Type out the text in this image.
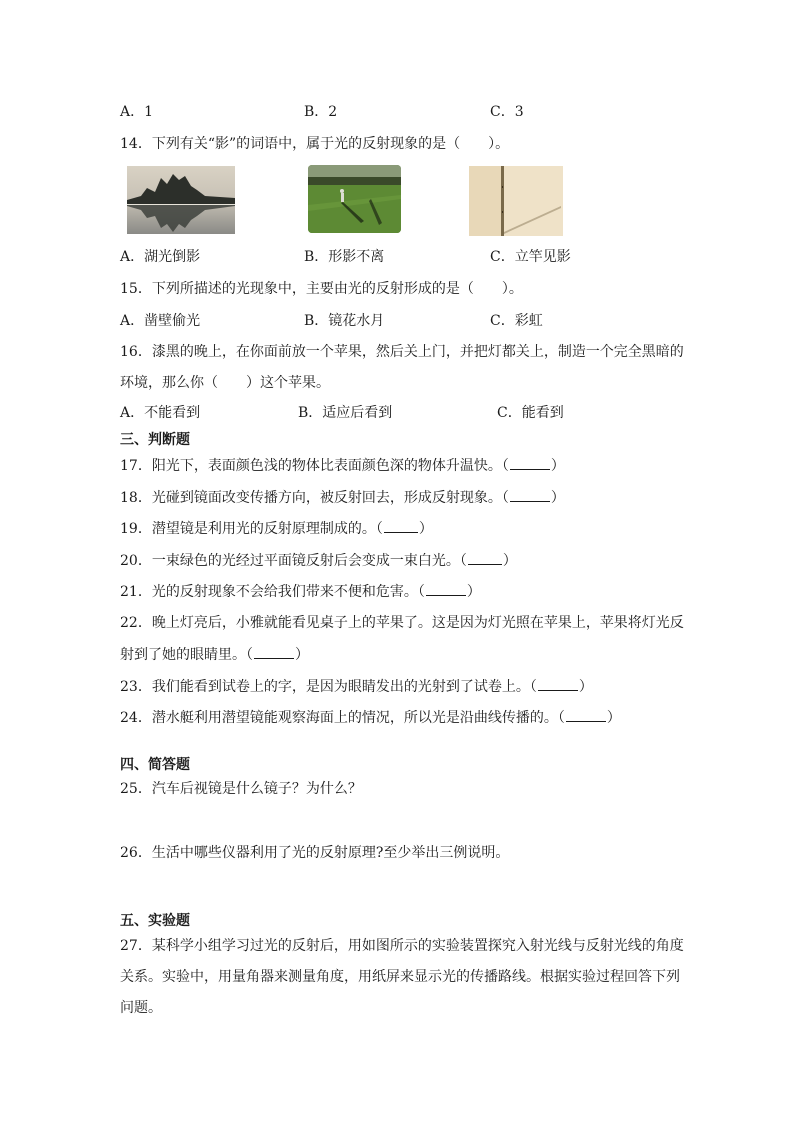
A．1	B．2	C．3
14．下列有关“影”的词语中，属于光的反射现象的是（　　）。
A．湖光倒影	B．形影不离	C．立竿见影
15．下列所描述的光现象中，主要由光的反射形成的是（　　）。
A．凿壁偷光	B．镜花水月	C．彩虹
16．漆黑的晚上，在你面前放一个苹果，然后关上门，并把灯都关上，制造一个完全黑暗的
环境，那么你（　　）这个苹果。
A．不能看到	B．适应后看到	C．能看到
三、判断题
17．阳光下，表面颜色浅的物体比表面颜色深的物体升温快。（	）
18．光碰到镜面改变传播方向，被反射回去，形成反射现象。（	）
19．潜望镜是利用光的反射原理制成的。（	）
20．一束绿色的光经过平面镜反射后会变成一束白光。（	）
21．光的反射现象不会给我们带来不便和危害。（	）
22．晚上灯亮后，小雅就能看见桌子上的苹果了。这是因为灯光照在苹果上，苹果将灯光反
射到了她的眼睛里。（	）
23．我们能看到试卷上的字，是因为眼睛发出的光射到了试卷上。（	）
24．潜水艇利用潜望镜能观察海面上的情况，所以光是沿曲线传播的。（	）
四、简答题
25．汽车后视镜是什么镜子？为什么？
26．生活中哪些仪器利用了光的反射原理?至少举出三例说明。
五、实验题
27．某科学小组学习过光的反射后，用如图所示的实验装置探究入射光线与反射光线的角度
关系。实验中，用量角器来测量角度，用纸屏来显示光的传播路线。根据实验过程回答下列
问题。
